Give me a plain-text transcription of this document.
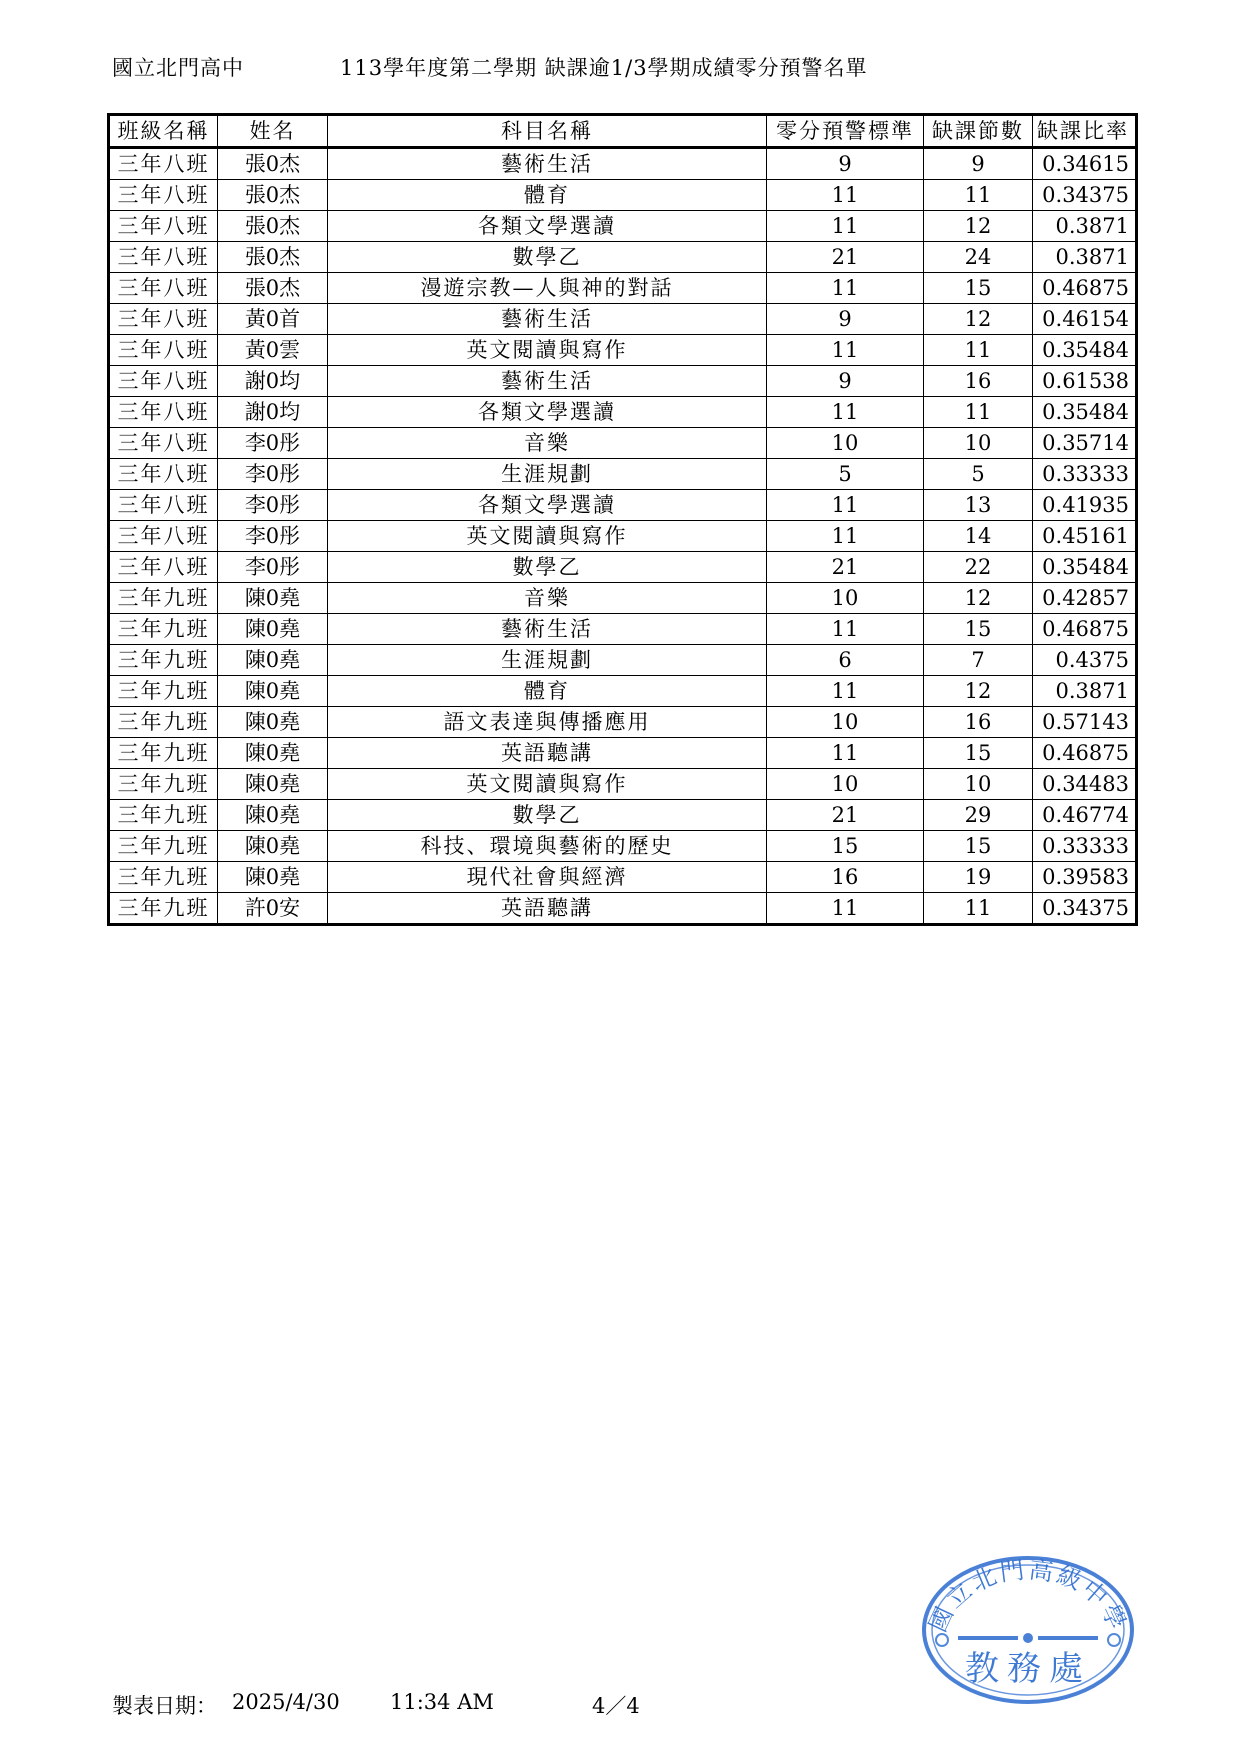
國立北門高中	113學年度第二學期 缺課逾1/3學期成績零分預警名單
班級名稱	姓名	科目名稱	零分預警標準	缺課節數	缺課比率
三年八班	張0杰	藝術生活	9	9	0.34615
三年八班	張0杰	體育	11	11	0.34375
三年八班	張0杰	各類文學選讀	11	12	0.3871
三年八班	張0杰	數學乙	21	24	0.3871
三年八班	張0杰	漫遊宗教—人與神的對話	11	15	0.46875
三年八班	黃0首	藝術生活	9	12	0.46154
三年八班	黃0雲	英文閱讀與寫作	11	11	0.35484
三年八班	謝0均	藝術生活	9	16	0.61538
三年八班	謝0均	各類文學選讀	11	11	0.35484
三年八班	李0彤	音樂	10	10	0.35714
三年八班	李0彤	生涯規劃	5	5	0.33333
三年八班	李0彤	各類文學選讀	11	13	0.41935
三年八班	李0彤	英文閱讀與寫作	11	14	0.45161
三年八班	李0彤	數學乙	21	22	0.35484
三年九班	陳0堯	音樂	10	12	0.42857
三年九班	陳0堯	藝術生活	11	15	0.46875
三年九班	陳0堯	生涯規劃	6	7	0.4375
三年九班	陳0堯	體育	11	12	0.3871
三年九班	陳0堯	語文表達與傳播應用	10	16	0.57143
三年九班	陳0堯	英語聽講	11	15	0.46875
三年九班	陳0堯	英文閱讀與寫作	10	10	0.34483
三年九班	陳0堯	數學乙	21	29	0.46774
三年九班	陳0堯	科技、環境與藝術的歷史	15	15	0.33333
三年九班	陳0堯	現代社會與經濟	16	19	0.39583
三年九班	許0安	英語聽講	11	11	0.34375
製表日期： 2025/4/30 11:34 AM	4／4
國立北門高級中學
教務處
